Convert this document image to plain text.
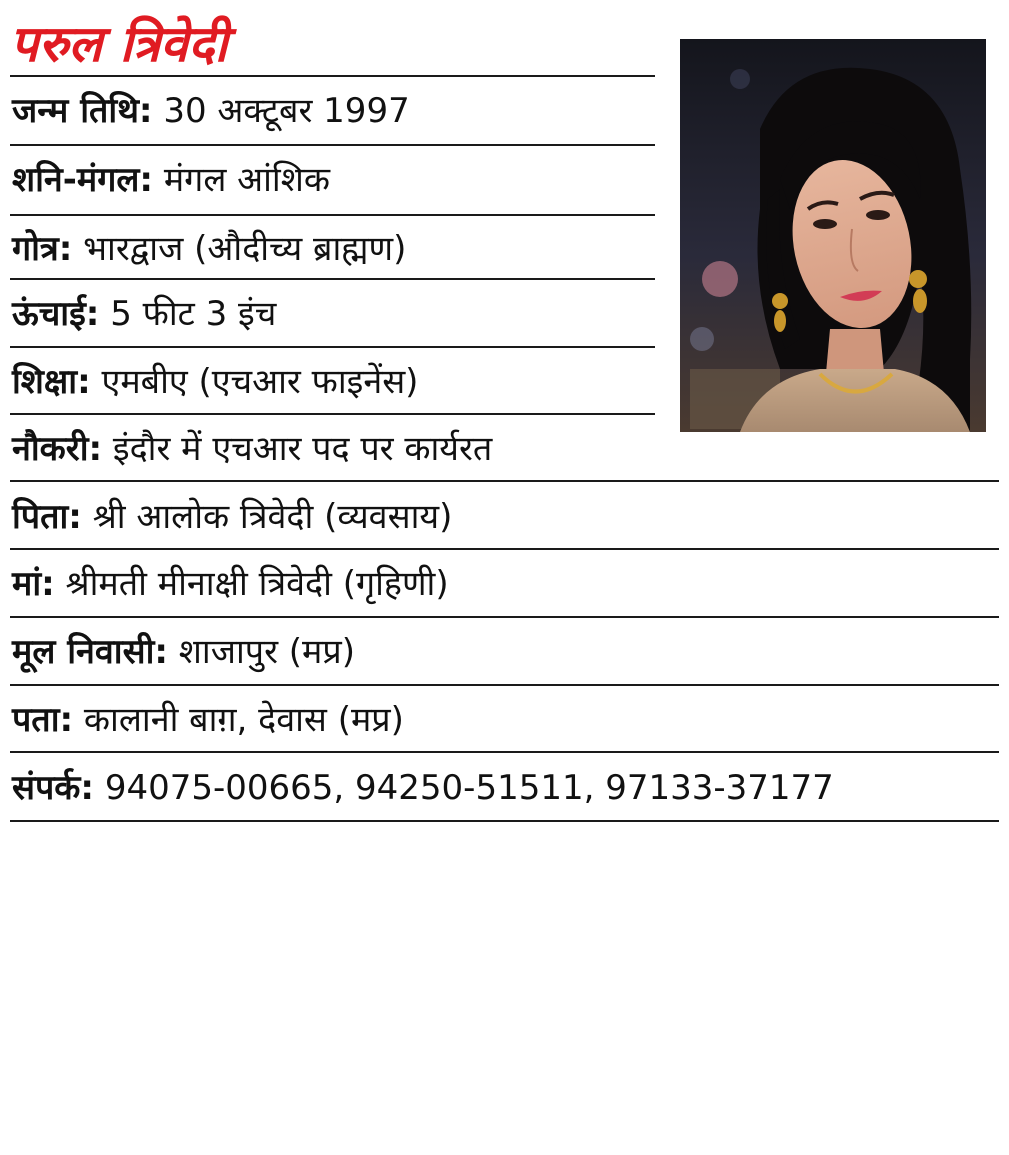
परुल त्रिवेदी
जन्म तिथि: 30 अक्टूबर 1997
शनि-मंगल: मंगल आंशिक
गोत्र: भारद्वाज (औदीच्य ब्राह्मण)
ऊंचाई: 5 फीट 3 इंच
शिक्षा: एमबीए (एचआर फाइनेंस)
नौकरी: इंदौर में एचआर पद पर कार्यरत
पिता: श्री आलोक त्रिवेदी (व्यवसाय)
मां: श्रीमती मीनाक्षी त्रिवेदी (गृहिणी)
मूल निवासी: शाजापुर (मप्र)
पता: कालानी बाग़, देवास (मप्र)
संपर्क: 94075-00665, 94250-51511, 97133-37177
